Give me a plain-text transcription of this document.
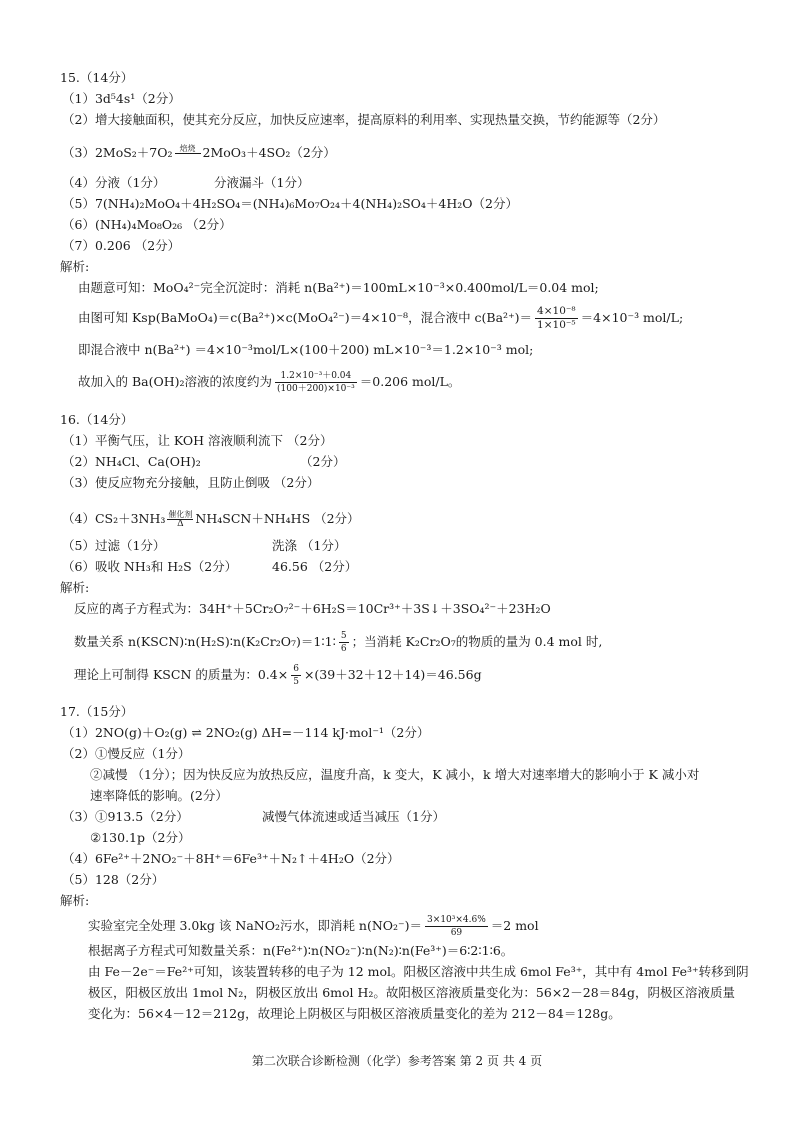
15.（14分）
（1）3d⁵4s¹（2分）
（2）增大接触面积，使其充分反应，加快反应速率，提高原料的利用率、实现热量交换，节约能源等（2分）
（3）2MoS₂＋7O₂ 焙烧
2MoO₃＋4SO₂（2分）
（4）分液（1分）	分液漏斗（1分）
（5）7(NH₄)₂MoO₄＋4H₂SO₄＝(NH₄)₆Mo₇O₂₄＋4(NH₄)₂SO₄＋4H₂O（2分）
（6）(NH₄)₄Mo₈O₂₆ （2分）
（7）0.206 （2分）
解析:
由题意可知：MoO₄²⁻完全沉淀时：消耗 n(Ba²⁺)＝100mL×10⁻³×0.400mol/L＝0.04 mol;
由图可知 Ksp(BaMoO₄)＝c(Ba²⁺)×c(MoO₄²⁻)＝4×10⁻⁸，混合液中 $c(Ba^{2+})= \frac{\text{4×10⁻⁸}}{\text{1×10⁻⁵}} =4\times 10^{-3}$ mol/L;
即混合液中 n(Ba²⁺) ＝4×10⁻³mol/L×(100＋200) mL×10⁻³＝1.2×10⁻³ mol;
故加入的 Ba(OH)₂溶液的浓度约为 $\frac{\text{1.2×10⁻³＋0.04}}{\text{(100＋200)×10⁻³}} =0.206$ mol/L。
16.（14分）
（1）平衡气压，让 KOH 溶液顺利流下 （2分）
（2）NH₄Cl、Ca(OH)₂	（2分）
（3）使反应物充分接触，且防止倒吸 （2分）
（4）CS₂＋3NH₃ 催化剂
Δ NH₄SCN＋NH₄HS （2分）
（5）过滤（1分）	洗涤 （1分）
（6）吸收 NH₃和 H₂S（2分）	46.56 （2分）
解析:
反应的离子方程式为：34H⁺＋5Cr₂O₇²⁻＋6H₂S＝10Cr³⁺＋3S↓＋3SO₄²⁻＋23H₂O
数量关系 n(KSCN)∶n(H₂S)∶n(K₂Cr₂O₇)＝1∶1∶ $\frac{5}{6}$ ；当消耗 K₂Cr₂O₇的物质的量为 0.4 mol 时,
理论上可制得 KSCN 的质量为：$0.4\times \frac{6}{5} \times(39+32+12+14)=46.56g$
17.（15分）
（1）2NO(g)＋O₂(g) ⇌ 2NO₂(g) ΔH=－114 kJ·mol⁻¹（2分）
（2）①慢反应（1分）
②减慢 （1分）；因为快反应为放热反应，温度升高，k 变大，K 减小，k 增大对速率增大的影响小于 K 减小对
速率降低的影响。(2分）
（3）①913.5（2分）	减慢气体流速或适当减压（1分）
②130.1p（2分）
（4）6Fe²⁺＋2NO₂⁻＋8H⁺＝6Fe³⁺＋N₂↑＋4H₂O（2分）
（5）128（2分）
解析:
实验室完全处理 3.0kg 该 NaNO₂污水，即消耗 $n(NO_2^-)= \frac{\text{3×10³×4.6\%}}{69} =2$ mol
根据离子方程式可知数量关系：n(Fe²⁺)∶n(NO₂⁻)∶n(N₂)∶n(Fe³⁺)＝6∶2∶1∶6。
由 Fe－2e⁻＝Fe²⁺可知，该装置转移的电子为 12 mol。阳极区溶液中共生成 6mol Fe³⁺，其中有 4mol Fe³⁺转移到阴
极区，阳极区放出 1mol N₂，阴极区放出 6mol H₂。故阳极区溶液质量变化为：56×2－28＝84g，阴极区溶液质量
变化为：56×4－12＝212g，故理论上阴极区与阳极区溶液质量变化的差为 212－84＝128g。
第二次联合诊断检测（化学）参考答案 第 2 页 共 4 页
